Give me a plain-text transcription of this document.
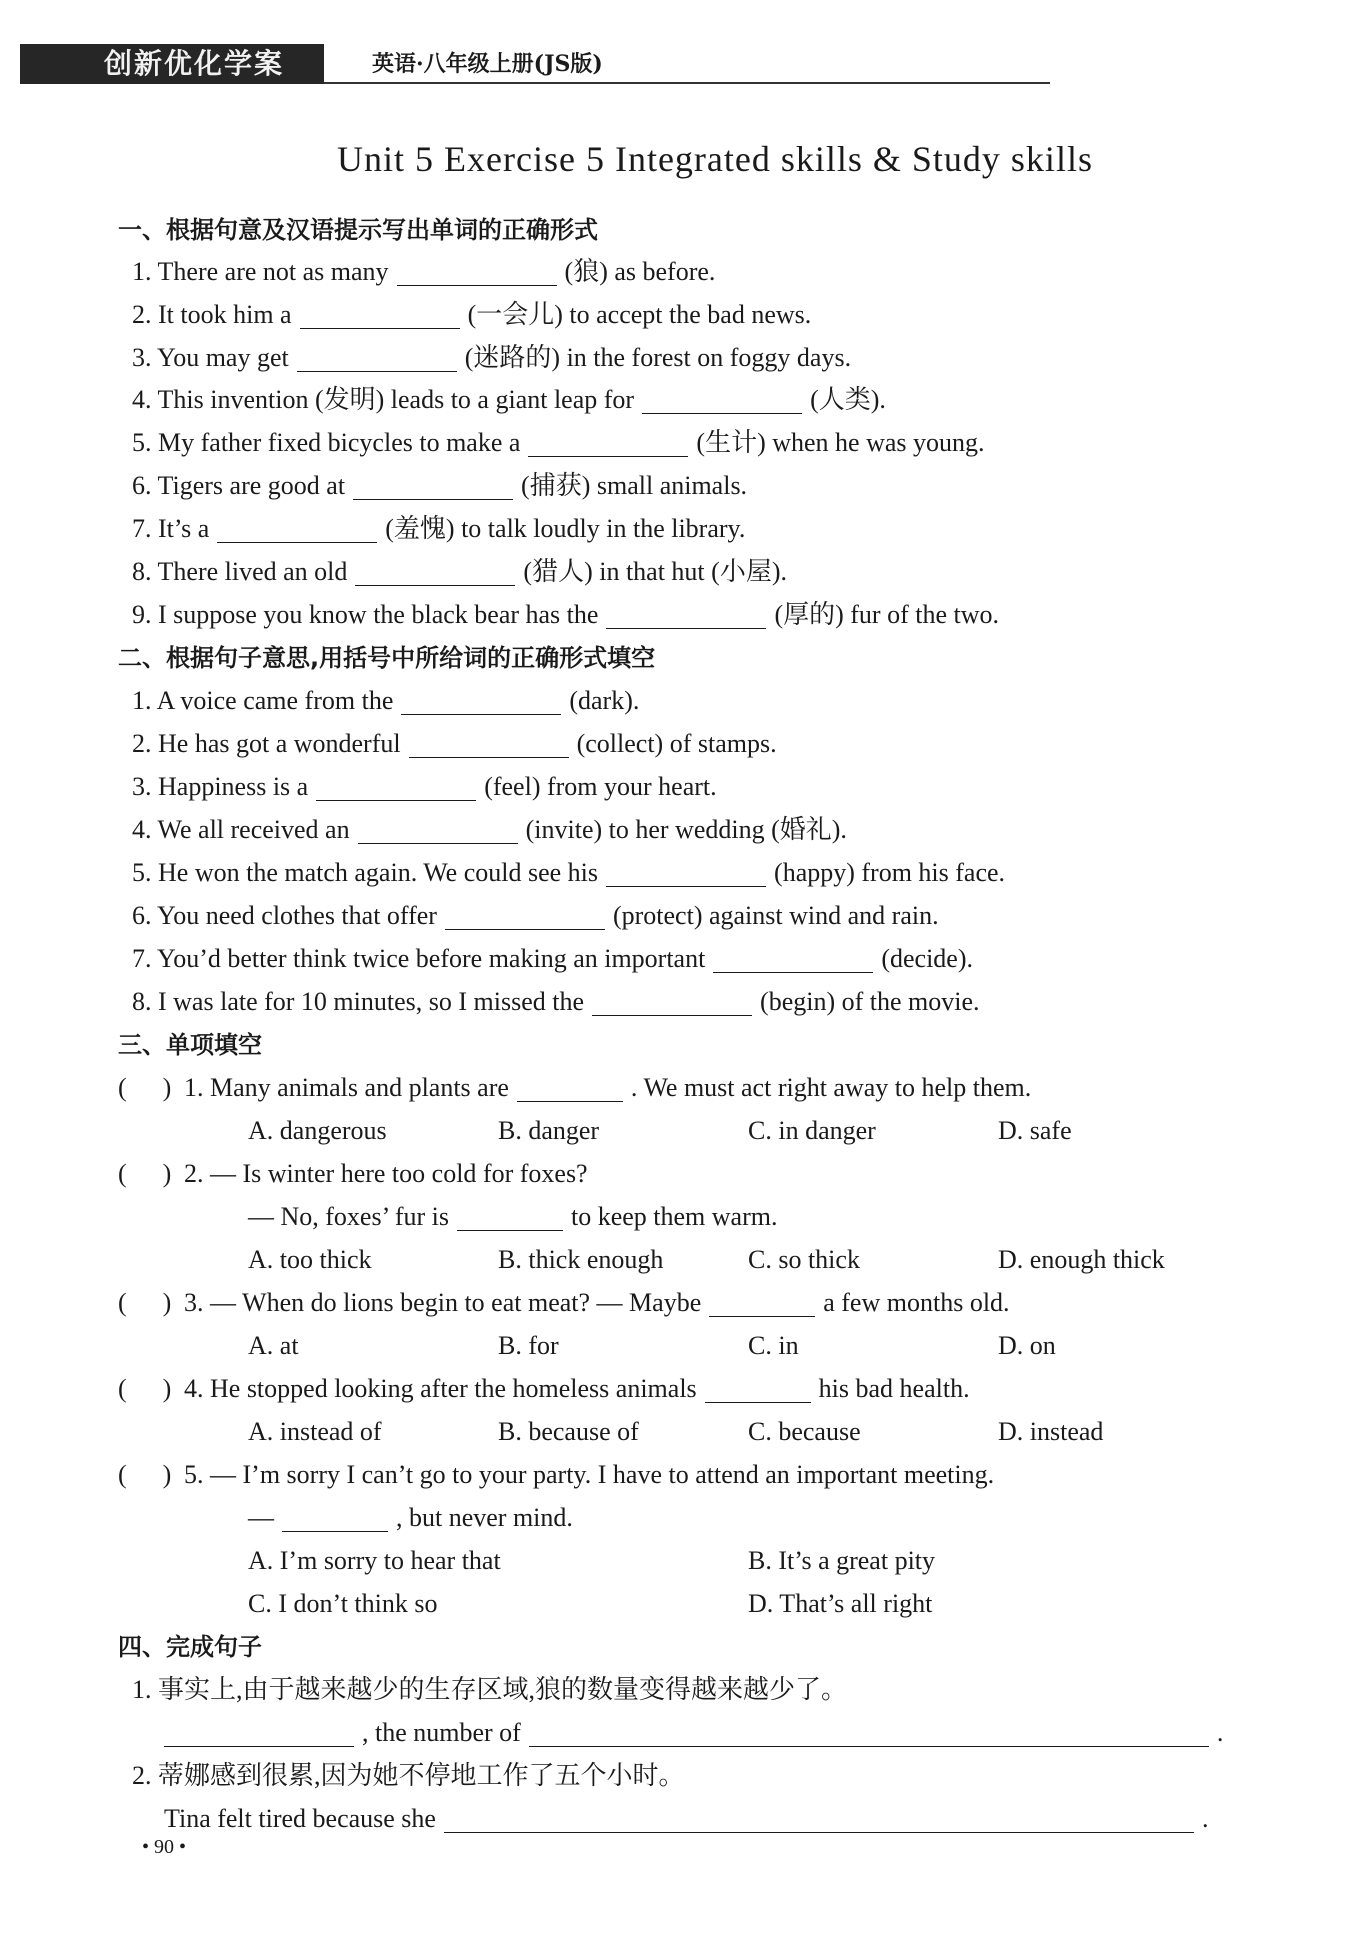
创新优化学案	英语·八年级上册(JS版)
Unit 5 Exercise 5 Integrated skills & Study skills
一、根据句意及汉语提示写出单词的正确形式
1. There are not as many	(狼) as before.
2. It took him a	(一会儿) to accept the bad news.
3. You may get	(迷路的) in the forest on foggy days.
4. This invention (发明) leads to a giant leap for	(人类).
5. My father fixed bicycles to make a	(生计) when he was young.
6. Tigers are good at	(捕获) small animals.
7. It’s a	(羞愧) to talk loudly in the library.
8. There lived an old	(猎人) in that hut (小屋).
9. I suppose you know the black bear has the	(厚的) fur of the two.
二、根据句子意思,用括号中所给词的正确形式填空
1. A voice came from the	(dark).
2. He has got a wonderful	(collect) of stamps.
3. Happiness is a	(feel) from your heart.
4. We all received an	(invite) to her wedding (婚礼).
5. He won the match again. We could see his	(happy) from his face.
6. You need clothes that offer	(protect) against wind and rain.
7. You’d better think twice before making an important	(decide).
8. I was late for 10 minutes, so I missed the	(begin) of the movie.
三、单项填空
( ) 1. Many animals and plants are	. We must act right away to help them.
A. dangerous	B. danger	C. in danger	D. safe
( ) 2. — Is winter here too cold for foxes?
— No, foxes’ fur is	to keep them warm.
A. too thick	B. thick enough	C. so thick	D. enough thick
( ) 3. — When do lions begin to eat meat? — Maybe	a few months old.
A. at	B. for	C. in	D. on
( ) 4. He stopped looking after the homeless animals	his bad health.
A. instead of	B. because of	C. because	D. instead
( ) 5. — I’m sorry I can’t go to your party. I have to attend an important meeting.
—	, but never mind.
A. I’m sorry to hear that	B. It’s a great pity
C. I don’t think so	D. That’s all right
四、完成句子
1. 事实上,由于越来越少的生存区域,狼的数量变得越来越少了。
, the number of	.
2. 蒂娜感到很累,因为她不停地工作了五个小时。
Tina felt tired because she	.
• 90 •
